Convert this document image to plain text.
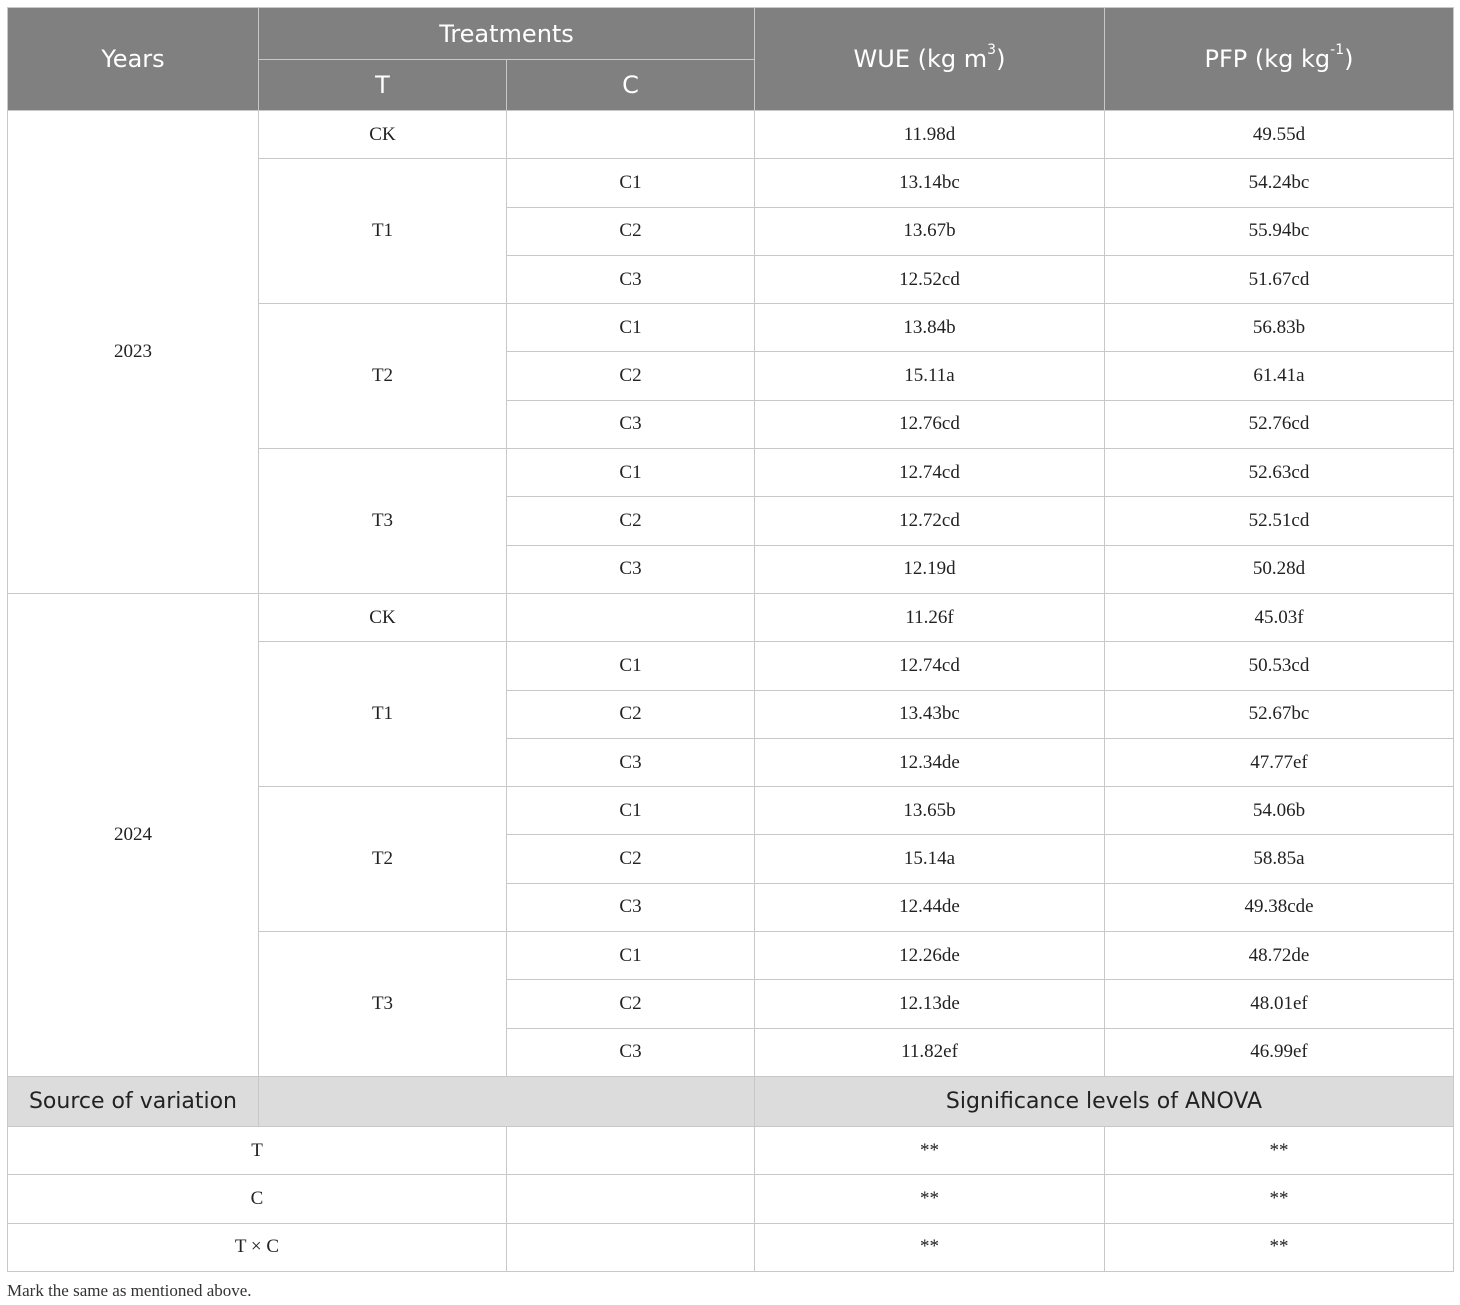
Years	Treatments		WUE (kg $m^3$)	PFP (kg $kg^{-1}$)
	T	C		
2023	CK		11.98d	49.55d
	T1	C1	13.14bc	54.24bc
		C2	13.67b	55.94bc
		C3	12.52cd	51.67cd
	T2	C1	13.84b	56.83b
		C2	15.11a	61.41a
		C3	12.76cd	52.76cd
	T3	C1	12.74cd	52.63cd
		C2	12.72cd	52.51cd
		C3	12.19d	50.28d
2024	CK		11.26f	45.03f
	T1	C1	12.74cd	50.53cd
		C2	13.43bc	52.67bc
		C3	12.34de	47.77ef
	T2	C1	13.65b	54.06b
		C2	15.14a	58.85a
		C3	12.44de	49.38cde
	T3	C1	12.26de	48.72de
		C2	12.13de	48.01ef
		C3	11.82ef	46.99ef
Source of variation			Significance levels of ANOVA	
T			**	**
C			**	**
T × C			**	**
Mark the same as mentioned above.
